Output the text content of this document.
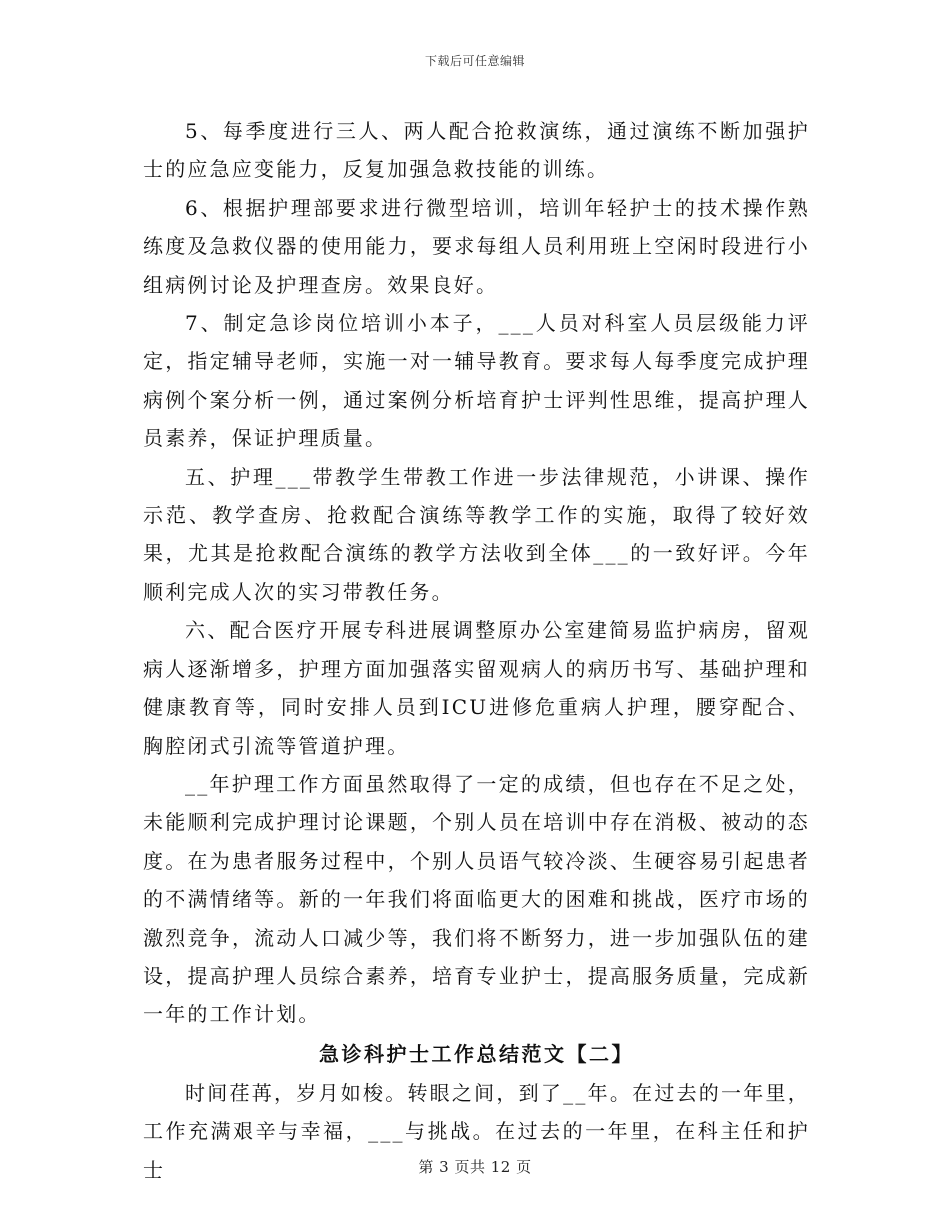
下载后可任意编辑

5、每季度进行三人、两人配合抢救演练，通过演练不断加强护士的应急应变能力，反复加强急救技能的训练。

6、根据护理部要求进行微型培训，培训年轻护士的技术操作熟练度及急救仪器的使用能力，要求每组人员利用班上空闲时段进行小组病例讨论及护理查房。效果良好。

7、制定急诊岗位培训小本子，___人员对科室人员层级能力评定，指定辅导老师，实施一对一辅导教育。要求每人每季度完成护理病例个案分析一例，通过案例分析培育护士评判性思维，提高护理人员素养，保证护理质量。

五、护理___带教学生带教工作进一步法律规范，小讲课、操作示范、教学查房、抢救配合演练等教学工作的实施，取得了较好效果，尤其是抢救配合演练的教学方法收到全体___的一致好评。今年顺利完成人次的实习带教任务。

六、配合医疗开展专科进展调整原办公室建简易监护病房，留观病人逐渐增多，护理方面加强落实留观病人的病历书写、基础护理和健康教育等，同时安排人员到ICU进修危重病人护理，腰穿配合、胸腔闭式引流等管道护理。

__年护理工作方面虽然取得了一定的成绩，但也存在不足之处，未能顺利完成护理讨论课题，个别人员在培训中存在消极、被动的态度。在为患者服务过程中，个别人员语气较冷淡、生硬容易引起患者的不满情绪等。新的一年我们将面临更大的困难和挑战，医疗市场的激烈竞争，流动人口减少等，我们将不断努力，进一步加强队伍的建设，提高护理人员综合素养，培育专业护士，提高服务质量，完成新一年的工作计划。

急诊科护士工作总结范文【二】

时间荏苒，岁月如梭。转眼之间，到了__年。在过去的一年里，工作充满艰辛与幸福，___与挑战。在过去的一年里，在科主任和护士	第 3 页共 12 页
